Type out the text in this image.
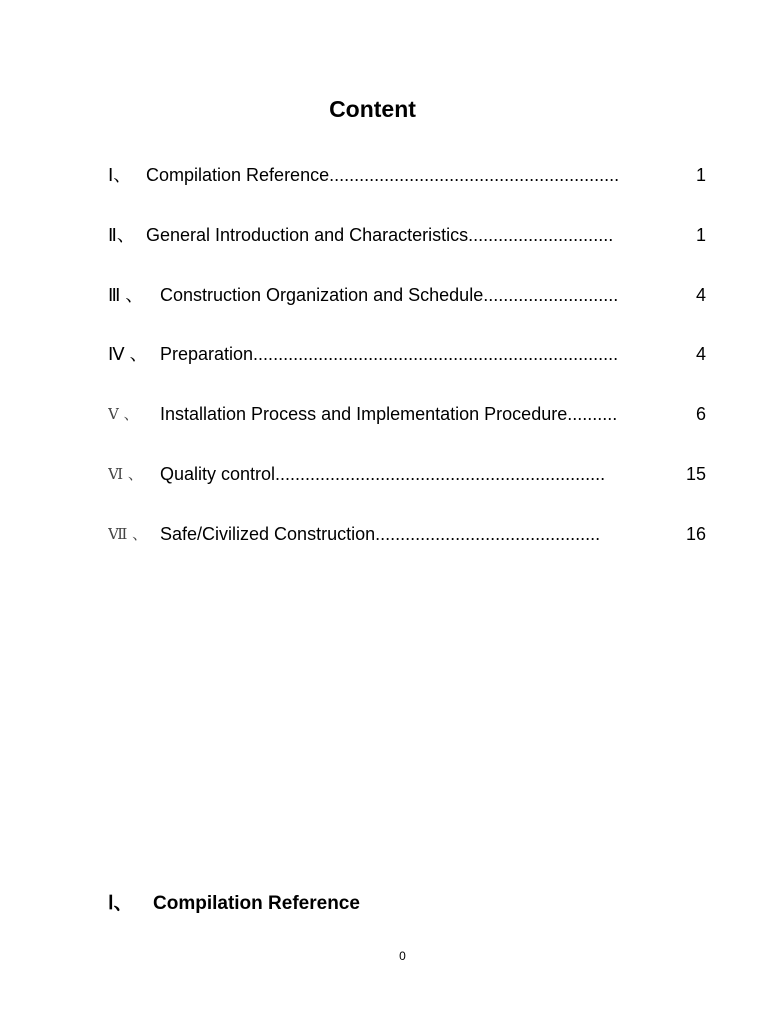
Content
Ⅰ、 Compilation Reference..........................................................	1
Ⅱ、 General Introduction and Characteristics.............................	1
Ⅲ 、 Construction Organization and Schedule...........................	4
Ⅳ 、 Preparation.........................................................................	4
Ⅴ 、 Installation Process and Implementation Procedure..........	6
Ⅵ 、 Quality control..................................................................	15
Ⅶ 、 Safe/Civilized Construction.............................................	16
Ⅰ、 Compilation Reference
0
